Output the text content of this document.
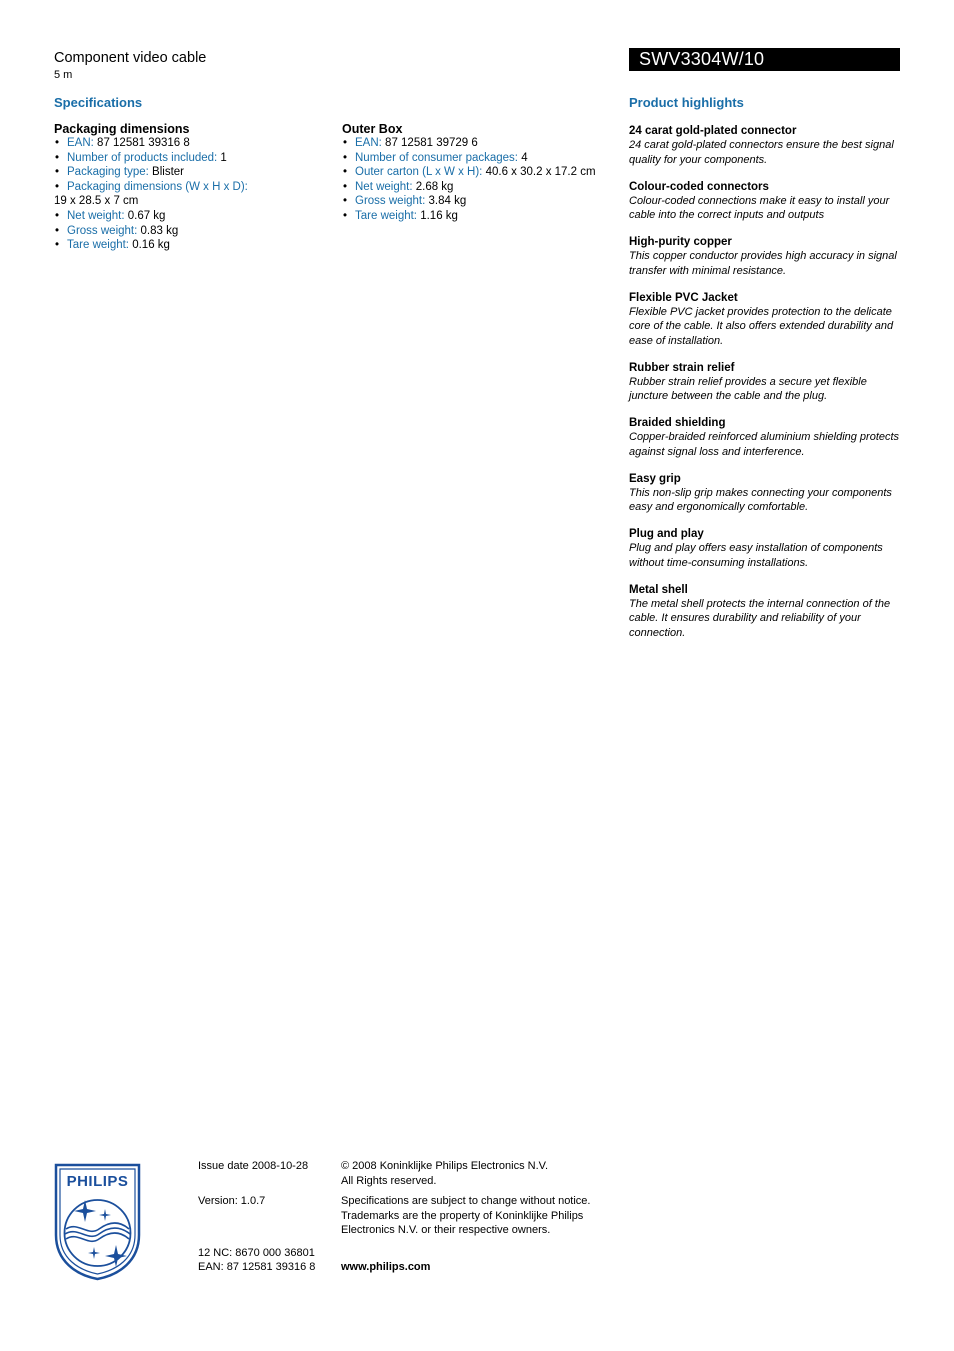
Component video cable
5 m
SWV3304W/10
Specifications
Packaging dimensions
• EAN: 87 12581 39316 8
• Number of products included: 1
• Packaging type: Blister
• Packaging dimensions (W x H x D):
19 x 28.5 x 7 cm
• Net weight: 0.67 kg
• Gross weight: 0.83 kg
• Tare weight: 0.16 kg
Outer Box
• EAN: 87 12581 39729 6
• Number of consumer packages: 4
• Outer carton (L x W x H): 40.6 x 30.2 x 17.2 cm
• Net weight: 2.68 kg
• Gross weight: 3.84 kg
• Tare weight: 1.16 kg
Product highlights
24 carat gold-plated connector
24 carat gold-plated connectors ensure the best signal quality for your components.
Colour-coded connectors
Colour-coded connections make it easy to install your cable into the correct inputs and outputs
High-purity copper
This copper conductor provides high accuracy in signal transfer with minimal resistance.
Flexible PVC Jacket
Flexible PVC jacket provides protection to the delicate core of the cable. It also offers extended durability and ease of installation.
Rubber strain relief
Rubber strain relief provides a secure yet flexible juncture between the cable and the plug.
Braided shielding
Copper-braided reinforced aluminium shielding protects against signal loss and interference.
Easy grip
This non-slip grip makes connecting your components easy and ergonomically comfortable.
Plug and play
Plug and play offers easy installation of components without time-consuming installations.
Metal shell
The metal shell protects the internal connection of the cable. It ensures durability and reliability of your connection.
PHILIPS
Issue date 2008-10-28
Version: 1.0.7
12 NC: 8670 000 36801
EAN: 87 12581 39316 8
© 2008 Koninklijke Philips Electronics N.V.
All Rights reserved.
Specifications are subject to change without notice.
Trademarks are the property of Koninklijke Philips
Electronics N.V. or their respective owners.
www.philips.com
